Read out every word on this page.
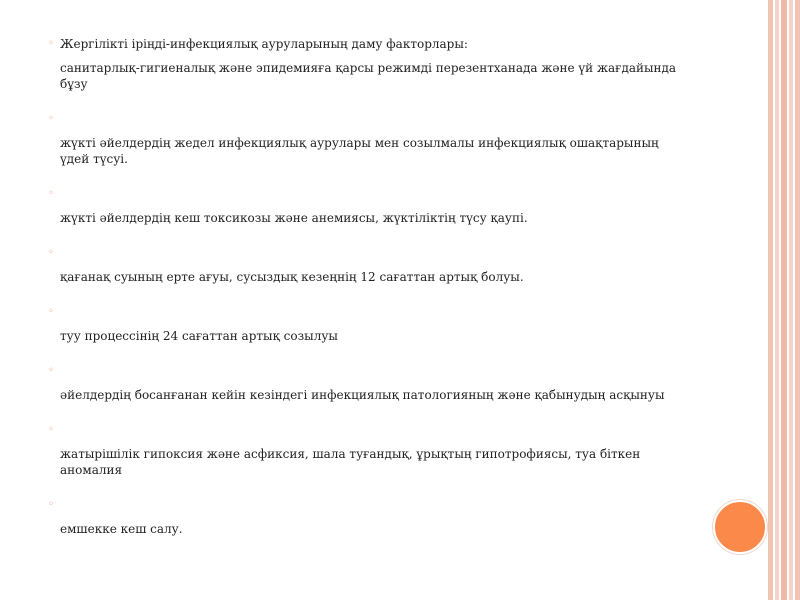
◦ Жергілікті іріңді-инфекциялық ауруларының даму факторлары:
санитарлық-гигиеналық және эпидемияға қарсы режимді перезентханада және үй жағдайында бұзу
◦
жүкті әйелдердің жедел инфекциялық аурулары мен созылмалы инфекциялық ошақтарының үдей түсуі.
◦
жүкті әйелдердің кеш токсикозы және анемиясы, жүктіліктің түсу қаупі.
◦
қағанақ суының ерте ағуы, сусыздық кезеңнің 12 сағаттан артық болуы.
◦
туу процессінің 24 сағаттан артық созылуы
◦
әйелдердің босанғанан кейін кезіндегі инфекциялық патологияның және қабынудың асқынуы
◦
жатырішілік гипоксия және асфиксия, шала туғандық, ұрықтың гипотрофиясы, туа біткен аномалия
◦
емшекке кеш салу.
